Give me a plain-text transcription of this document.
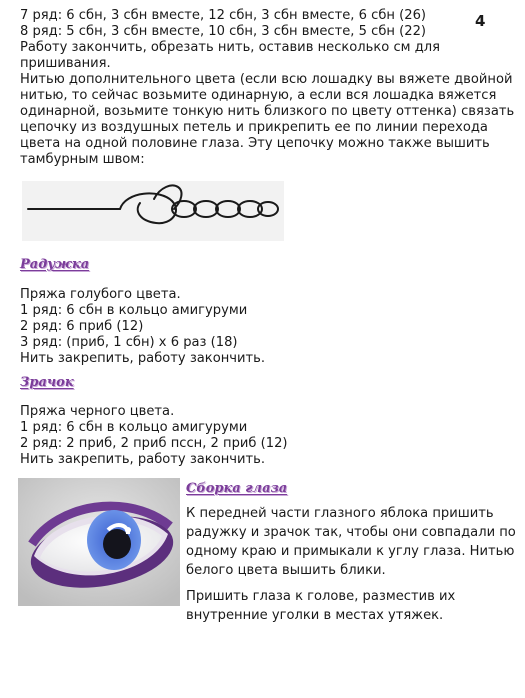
4
7 ряд: 6 сбн, 3 сбн вместе, 12 сбн, 3 сбн вместе, 6 сбн (26)
8 ряд: 5 сбн, 3 сбн вместе, 10 сбн, 3 сбн вместе, 5 сбн (22)
Работу закончить, обрезать нить, оставив несколько см для
пришивания.
Нитью дополнительного цвета (если всю лошадку вы вяжете двойной
нитью, то сейчас возьмите одинарную, а если вся лошадка вяжется
одинарной, возьмите тонкую нить близкого по цвету оттенка) связать
цепочку из воздушных петель и прикрепить ее по линии перехода
цвета на одной половине глаза. Эту цепочку можно также вышить
тамбурным швом:
Радужка
Пряжа голубого цвета.
1 ряд: 6 сбн в кольцо амигуруми
2 ряд: 6 приб (12)
3 ряд: (приб, 1 сбн) x 6 раз (18)
Нить закрепить, работу закончить.
Зрачок
Пряжа черного цвета.
1 ряд: 6 сбн в кольцо амигуруми
2 ряд: 2 приб, 2 приб пссн, 2 приб (12)
Нить закрепить, работу закончить.
Сборка глаза
К передней части глазного яблока пришить
радужку и зрачок так, чтобы они совпадали по
одному краю и примыкали к углу глаза. Нитью
белого цвета вышить блики.
Пришить глаза к голове, разместив их
внутренние уголки в местах утяжек.
